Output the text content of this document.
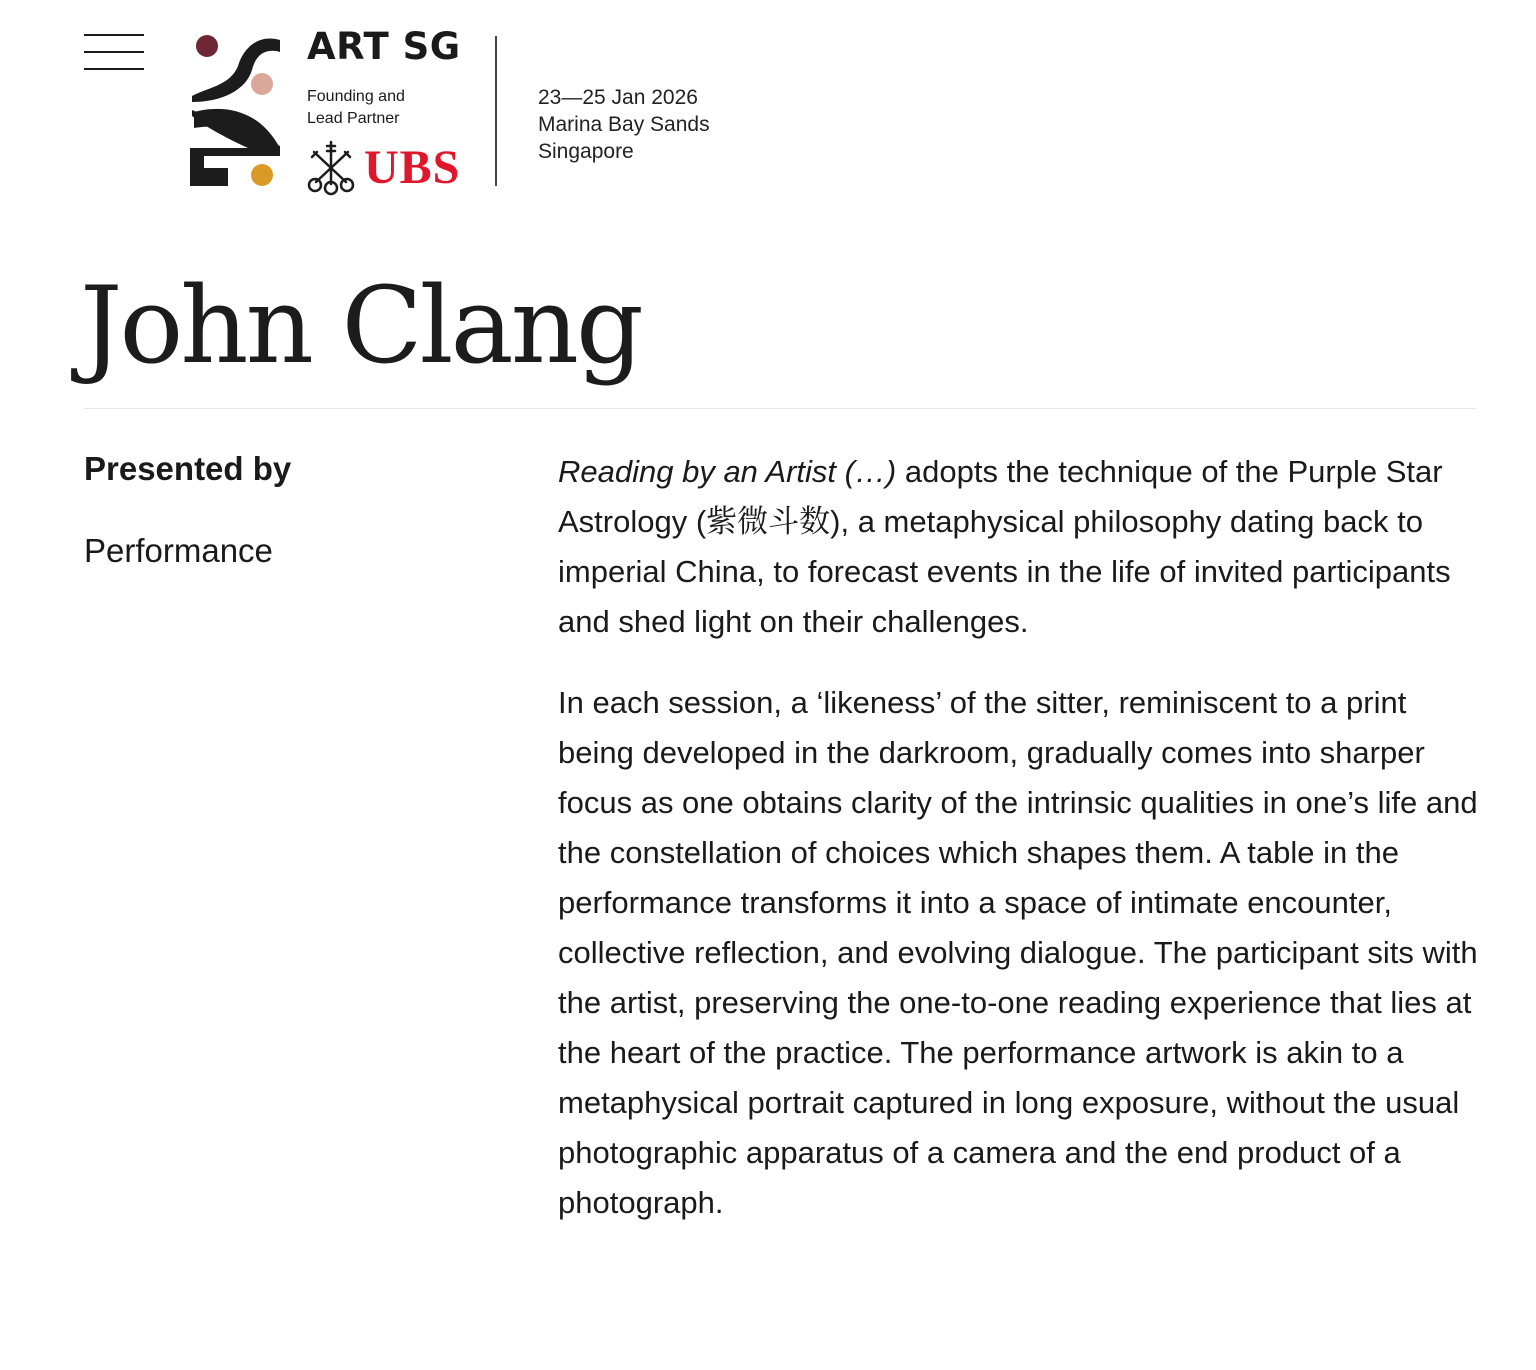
ART SG
Founding and
Lead Partner
UBS
23—25 Jan 2026
Marina Bay Sands
Singapore
John Clang
Presented by
Performance

Reading by an Artist (…) adopts the technique of the Purple Star Astrology (紫微斗数), a metaphysical philosophy dating back to imperial China, to forecast events in the life of invited participants and shed light on their challenges.

In each session, a ‘likeness’ of the sitter, reminiscent to a print being developed in the darkroom, gradually comes into sharper focus as one obtains clarity of the intrinsic qualities in one’s life and the constellation of choices which shapes them. A table in the performance transforms it into a space of intimate encounter, collective reflection, and evolving dialogue. The participant sits with the artist, preserving the one-to-one reading experience that lies at the heart of the practice. The performance artwork is akin to a metaphysical portrait captured in long exposure, without the usual photographic apparatus of a camera and the end product of a photograph.
